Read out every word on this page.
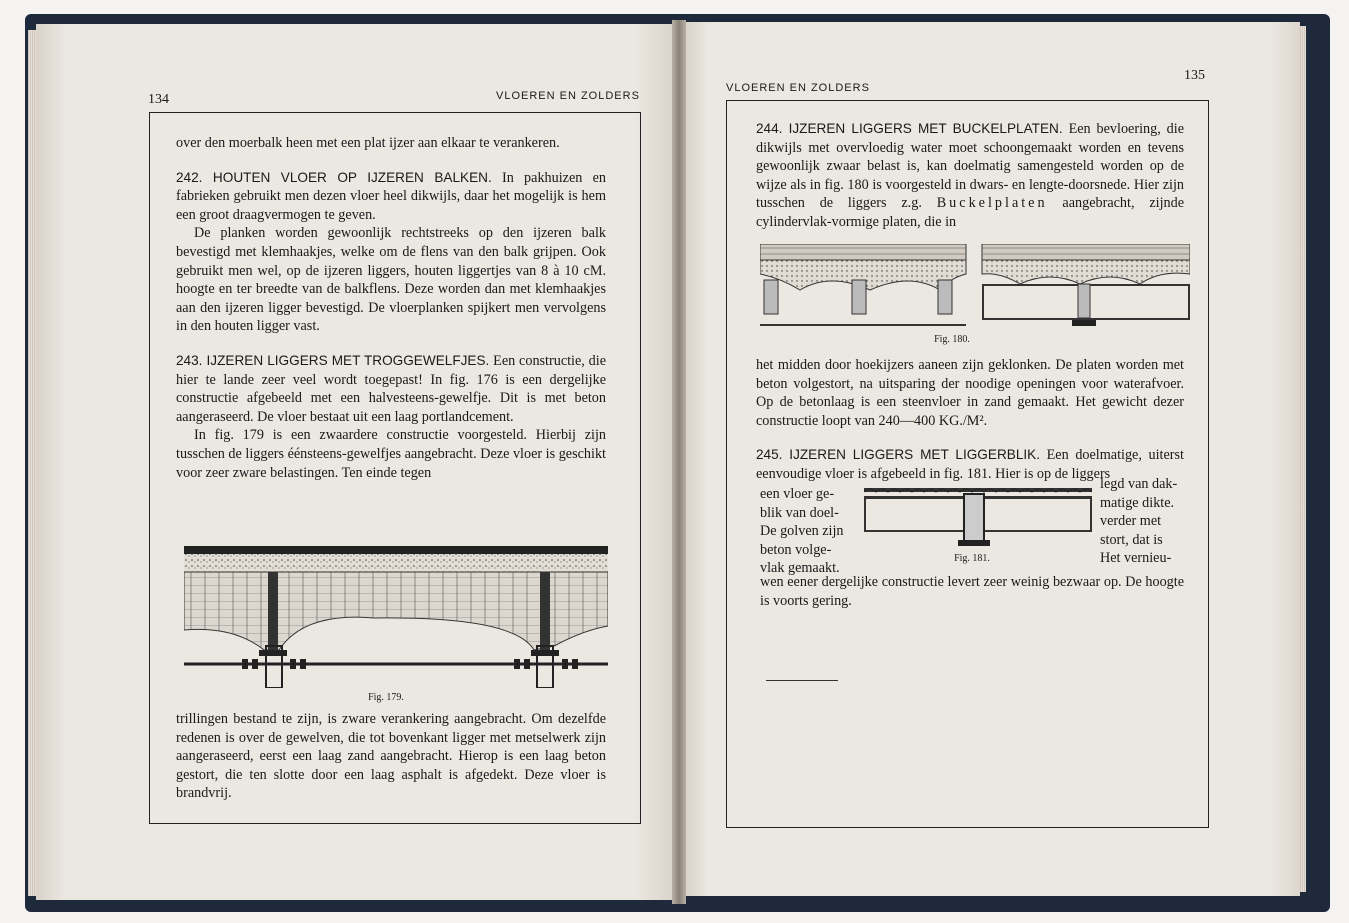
134	VLOEREN EN ZOLDERS

over den moerbalk heen met een plat ijzer aan elkaar te verankeren.

242. HOUTEN VLOER OP IJZEREN BALKEN. In pakhuizen en fabrieken gebruikt men dezen vloer heel dikwijls, daar het mogelijk is hem een groot draagvermogen te geven.

De planken worden gewoonlijk rechtstreeks op den ijzeren balk bevestigd met klemhaakjes, welke om de flens van den balk grijpen. Ook gebruikt men wel, op de ijzeren liggers, houten liggertjes van 8 à 10 cM. hoogte en ter breedte van de balkflens. Deze worden dan met klemhaakjes aan den ijzeren ligger bevestigd. De vloerplanken spijkert men vervolgens in den houten ligger vast.

243. IJZEREN LIGGERS MET TROGGEWELFJES. Een constructie, die hier te lande zeer veel wordt toegepast! In fig. 176 is een dergelijke constructie afgebeeld met een halvesteens-gewelfje. Dit is met beton aangeraseerd. De vloer bestaat uit een laag portlandcement.

In fig. 179 is een zwaardere constructie voorgesteld. Hierbij zijn tusschen de liggers éénsteens-gewelfjes aangebracht. Deze vloer is geschikt voor zeer zware belastingen. Ten einde tegen

Fig. 179.

trillingen bestand te zijn, is zware verankering aangebracht. Om dezelfde redenen is over de gewelven, die tot bovenkant ligger met metselwerk zijn aangeraseerd, eerst een laag zand aangebracht. Hierop is een laag beton gestort, die ten slotte door een laag asphalt is afgedekt. Deze vloer is brandvrij.

VLOEREN EN ZOLDERS
135

244. IJZEREN LIGGERS MET BUCKELPLATEN. Een bevloering, die dikwijls met overvloedig water moet schoongemaakt worden en tevens gewoonlijk zwaar belast is, kan doelmatig samengesteld worden op de wijze als in fig. 180 is voorgesteld in dwars- en lengte-doorsnede. Hier zijn tusschen de liggers z.g. Buckelplaten aangebracht, zijnde cylindervlak-vormige platen, die in

Fig. 180.

het midden door hoekijzers aaneen zijn geklonken. De platen worden met beton volgestort, na uitsparing der noodige openingen voor waterafvoer. Op de betonlaag is een steenvloer in zand gemaakt. Het gewicht dezer constructie loopt van 240—400 KG./M².

245. IJZEREN LIGGERS MET LIGGERBLIK. Een doelmatige, uiterst eenvoudige vloer is afgebeeld in fig. 181. Hier is op de liggers

een vloer ge-
blik van doel-
De golven zijn
beton volge-
vlak gemaakt.
Fig. 181.
legd van dak-
matige dikte.
verder met
stort, dat is
Het vernieu-

wen eener dergelijke constructie levert zeer weinig bezwaar op. De hoogte is voorts gering.
